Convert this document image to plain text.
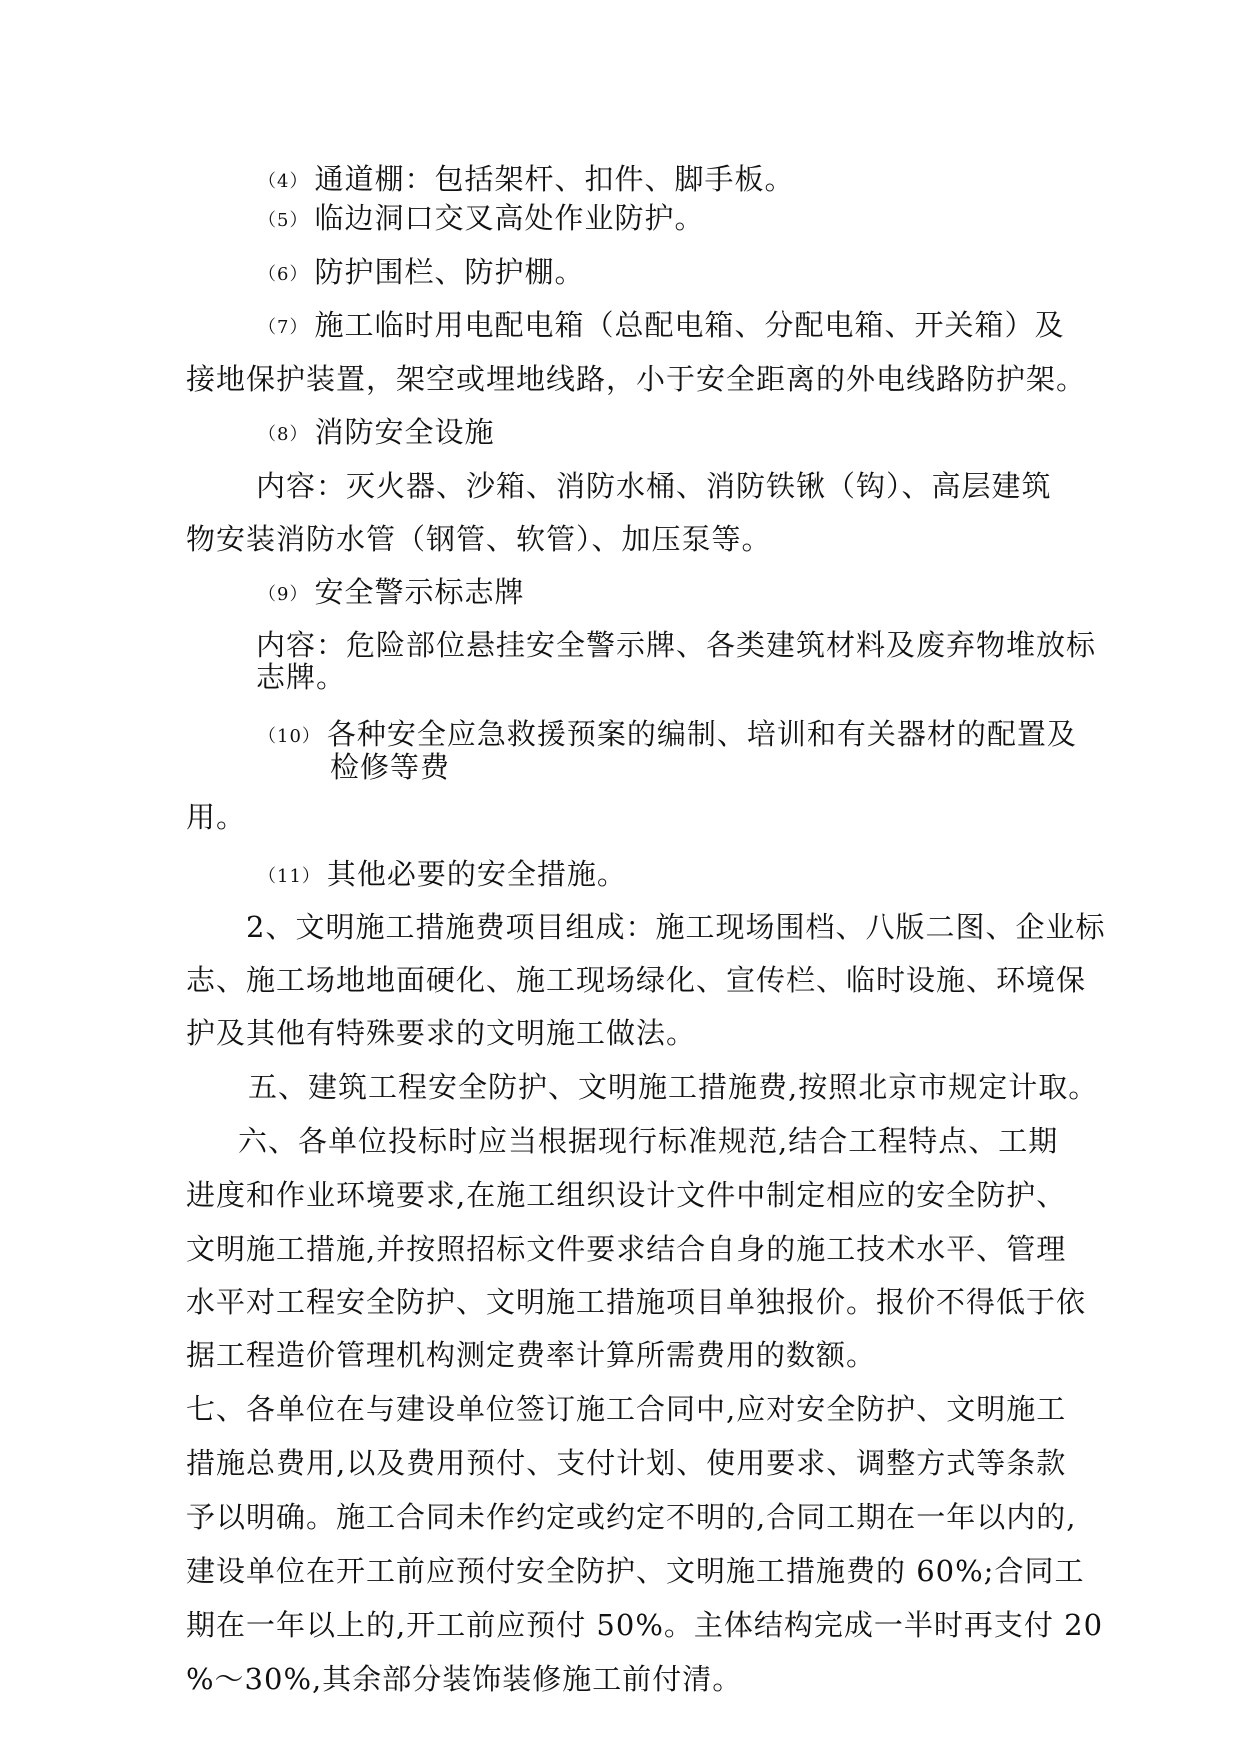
（4） 通道棚：包括架杆、扣件、脚手板。
（5） 临边洞口交叉高处作业防护。
（6） 防护围栏、防护棚。
（7） 施工临时用电配电箱（总配电箱、分配电箱、开关箱）及
接地保护装置，架空或埋地线路，小于安全距离的外电线路防护架。
（8） 消防安全设施
内容：灭火器、沙箱、消防水桶、消防铁锹（钩）、高层建筑
物安装消防水管（钢管、软管）、加压泵等。
（9） 安全警示标志牌
内容：危险部位悬挂安全警示牌、各类建筑材料及废弃物堆放标
志牌。
（10） 各种安全应急救援预案的编制、培训和有关器材的配置及
检修等费
用。
（11） 其他必要的安全措施。
2、文明施工措施费项目组成：施工现场围档、八版二图、企业标
志、施工场地地面硬化、施工现场绿化、宣传栏、临时设施、环境保
护及其他有特殊要求的文明施工做法。
五、建筑工程安全防护、文明施工措施费,按照北京市规定计取。
六、各单位投标时应当根据现行标准规范,结合工程特点、工期
进度和作业环境要求,在施工组织设计文件中制定相应的安全防护、
文明施工措施,并按照招标文件要求结合自身的施工技术水平、管理
水平对工程安全防护、文明施工措施项目单独报价。报价不得低于依
据工程造价管理机构测定费率计算所需费用的数额。
七、各单位在与建设单位签订施工合同中,应对安全防护、文明施工
措施总费用,以及费用预付、支付计划、使用要求、调整方式等条款
予以明确。施工合同未作约定或约定不明的,合同工期在一年以内的,
建设单位在开工前应预付安全防护、文明施工措施费的 60%;合同工
期在一年以上的,开工前应预付 50%。主体结构完成一半时再支付 20
%～30%,其余部分装饰装修施工前付清。
